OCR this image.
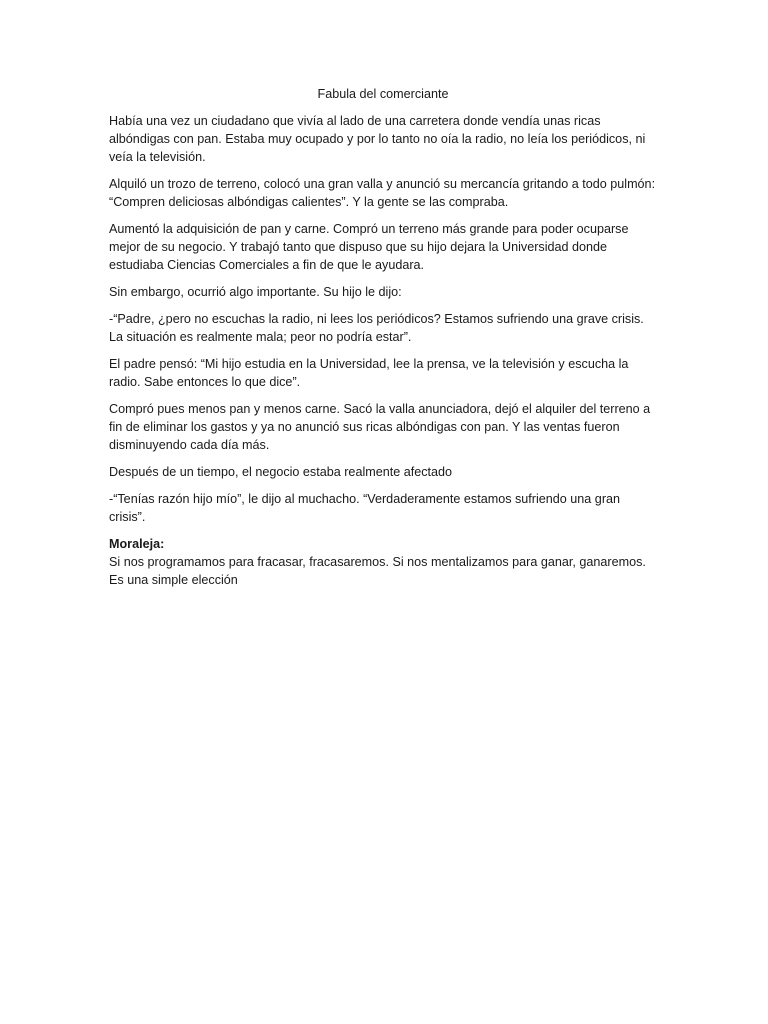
Fabula del comerciante

Había una vez un ciudadano que vivía al lado de una carretera donde vendía unas ricas albóndigas con pan. Estaba muy ocupado y por lo tanto no oía la radio, no leía los periódicos, ni veía la televisión.

Alquiló un trozo de terreno, colocó una gran valla y anunció su mercancía gritando a todo pulmón: “Compren deliciosas albóndigas calientes”. Y la gente se las compraba.

Aumentó la adquisición de pan y carne. Compró un terreno más grande para poder ocuparse mejor de su negocio. Y trabajó tanto que dispuso que su hijo dejara la Universidad donde estudiaba Ciencias Comerciales a fin de que le ayudara.

Sin embargo, ocurrió algo importante. Su hijo le dijo:

-“Padre, ¿pero no escuchas la radio, ni lees los periódicos? Estamos sufriendo una grave crisis. La situación es realmente mala; peor no podría estar”.

El padre pensó: “Mi hijo estudia en la Universidad, lee la prensa, ve la televisión y escucha la radio. Sabe entonces lo que dice”.

Compró pues menos pan y menos carne. Sacó la valla anunciadora, dejó el alquiler del terreno a fin de eliminar los gastos y ya no anunció sus ricas albóndigas con pan. Y las ventas fueron disminuyendo cada día más.

Después de un tiempo, el negocio estaba realmente afectado

-“Tenías razón hijo mío”, le dijo al muchacho. “Verdaderamente estamos sufriendo una gran crisis”.

Moraleja:
Si nos programamos para fracasar, fracasaremos. Si nos mentalizamos para ganar, ganaremos.
Es una simple elección
